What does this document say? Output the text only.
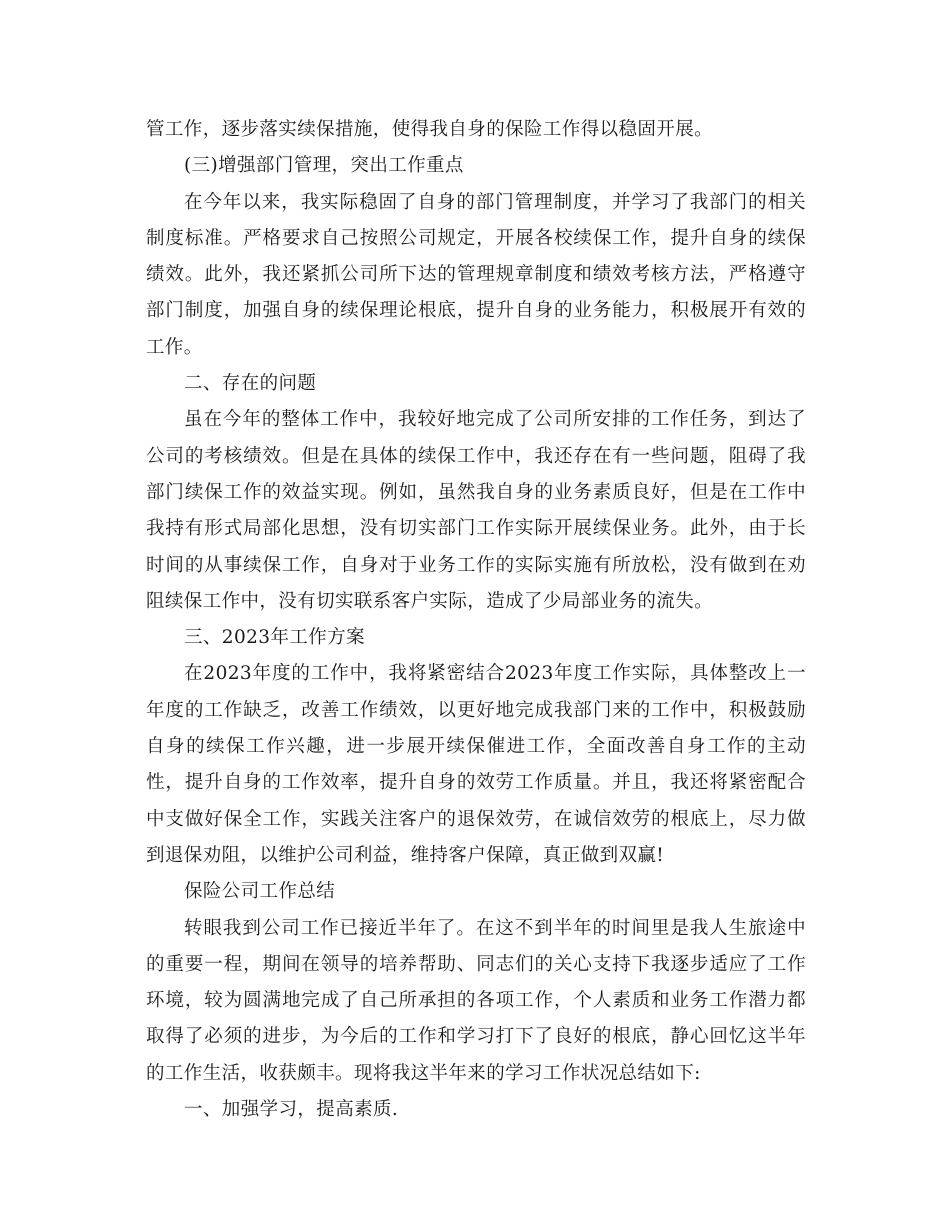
管工作，逐步落实续保措施，使得我自身的保险工作得以稳固开展。

(三)增强部门管理，突出工作重点

在今年以来，我实际稳固了自身的部门管理制度，并学习了我部门的相关制度标准。严格要求自己按照公司规定，开展各校续保工作，提升自身的续保绩效。此外，我还紧抓公司所下达的管理规章制度和绩效考核方法，严格遵守部门制度，加强自身的续保理论根底，提升自身的业务能力，积极展开有效的工作。

二、存在的问题

虽在今年的整体工作中，我较好地完成了公司所安排的工作任务，到达了公司的考核绩效。但是在具体的续保工作中，我还存在有一些问题，阻碍了我部门续保工作的效益实现。例如，虽然我自身的业务素质良好，但是在工作中我持有形式局部化思想，没有切实部门工作实际开展续保业务。此外，由于长时间的从事续保工作，自身对于业务工作的实际实施有所放松，没有做到在劝阻续保工作中，没有切实联系客户实际，造成了少局部业务的流失。

三、2023年工作方案

在2023年度的工作中，我将紧密结合2023年度工作实际，具体整改上一年度的工作缺乏，改善工作绩效，以更好地完成我部门来的工作中，积极鼓励自身的续保工作兴趣，进一步展开续保催进工作，全面改善自身工作的主动性，提升自身的工作效率，提升自身的效劳工作质量。并且，我还将紧密配合中支做好保全工作，实践关注客户的退保效劳，在诚信效劳的根底上，尽力做到退保劝阻，以维护公司利益，维持客户保障，真正做到双赢!

保险公司工作总结

转眼我到公司工作已接近半年了。在这不到半年的时间里是我人生旅途中的重要一程，期间在领导的培养帮助、同志们的关心支持下我逐步适应了工作环境，较为圆满地完成了自己所承担的各项工作，个人素质和业务工作潜力都取得了必须的进步，为今后的工作和学习打下了良好的根底，静心回忆这半年的工作生活，收获颇丰。现将我这半年来的学习工作状况总结如下:

一、加强学习，提高素质.
